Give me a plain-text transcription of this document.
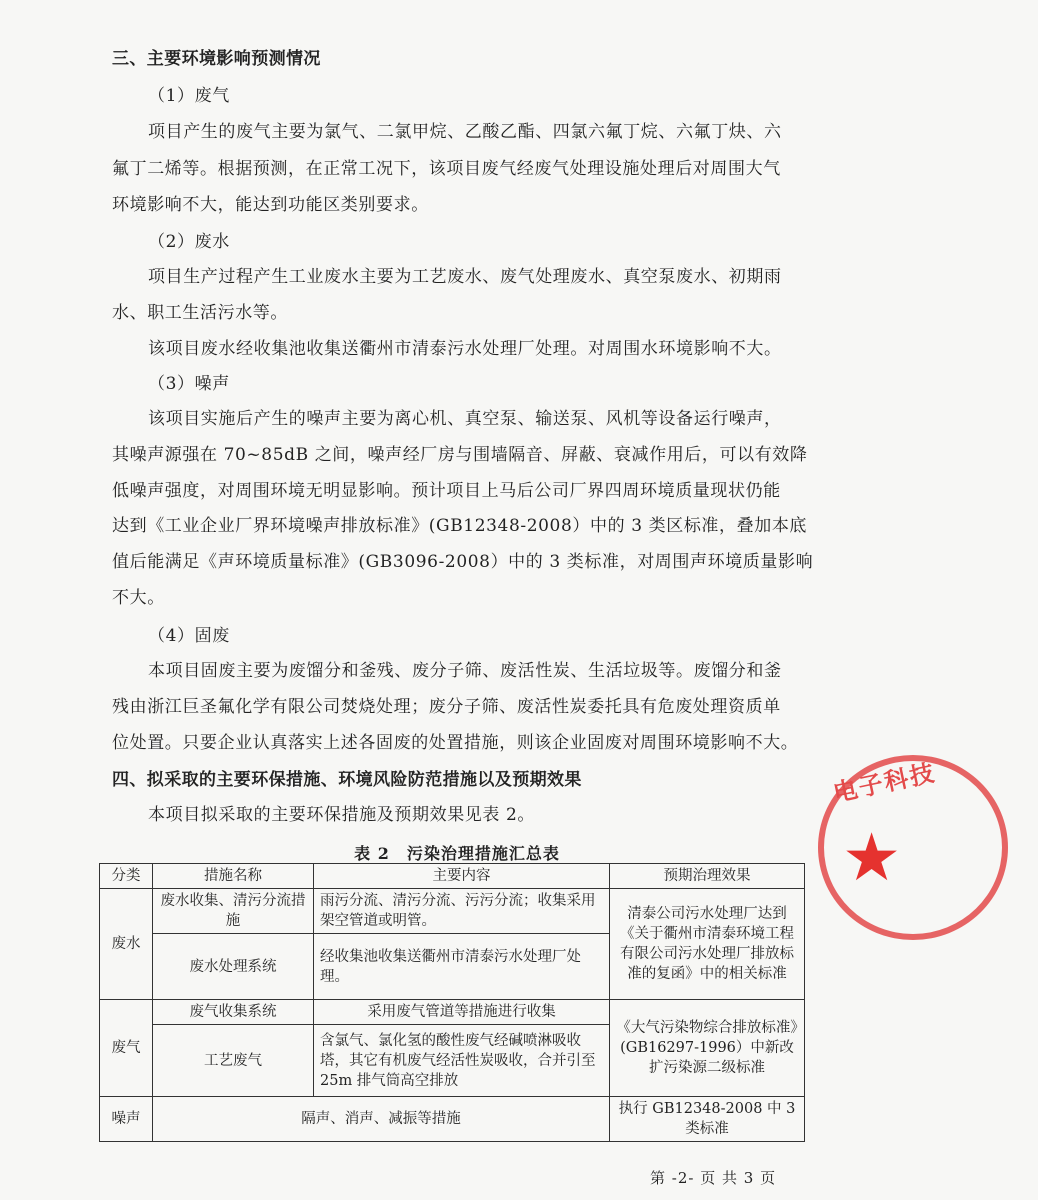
三、主要环境影响预测情况
（1）废气
项目产生的废气主要为氯气、二氯甲烷、乙酸乙酯、四氯六氟丁烷、六氟丁炔、六
氟丁二烯等。根据预测，在正常工况下，该项目废气经废气处理设施处理后对周围大气
环境影响不大，能达到功能区类别要求。
（2）废水
项目生产过程产生工业废水主要为工艺废水、废气处理废水、真空泵废水、初期雨
水、职工生活污水等。
该项目废水经收集池收集送衢州市清泰污水处理厂处理。对周围水环境影响不大。
（3）噪声
该项目实施后产生的噪声主要为离心机、真空泵、输送泵、风机等设备运行噪声，
其噪声源强在 70~85dB 之间，噪声经厂房与围墙隔音、屏蔽、衰减作用后，可以有效降
低噪声强度，对周围环境无明显影响。预计项目上马后公司厂界四周环境质量现状仍能
达到《工业企业厂界环境噪声排放标准》(GB12348-2008）中的 3 类区标准，叠加本底
值后能满足《声环境质量标准》(GB3096-2008）中的 3 类标准，对周围声环境质量影响
不大。
（4）固废
本项目固废主要为废馏分和釜残、废分子筛、废活性炭、生活垃圾等。废馏分和釜
残由浙江巨圣氟化学有限公司焚烧处理；废分子筛、废活性炭委托具有危废处理资质单
位处置。只要企业认真落实上述各固废的处置措施，则该企业固废对周围环境影响不大。
四、拟采取的主要环保措施、环境风险防范措施以及预期效果
本项目拟采取的主要环保措施及预期效果见表 2。
表 2　污染治理措施汇总表
分类	措施名称	主要内容	预期治理效果
废水	废水收集、清污分流措施	雨污分流、清污分流、污污分流；收集采用架空管道或明管。	清泰公司污水处理厂达到《关于衢州市清泰环境工程有限公司污水处理厂排放标准的复函》中的相关标准
	废水处理系统	经收集池收集送衢州市清泰污水处理厂处理。	
废气	废气收集系统	采用废气管道等措施进行收集	《大气污染物综合排放标准》(GB16297-1996）中新改扩污染源二级标准
	工艺废气	含氯气、氯化氢的酸性废气经碱喷淋吸收塔，其它有机废气经活性炭吸收，合并引至 25m 排气筒高空排放	
噪声	隔声、消声、减振等措施		执行 GB12348-2008 中 3 类标准
第 -2- 页 共 3 页
电子科技
★
